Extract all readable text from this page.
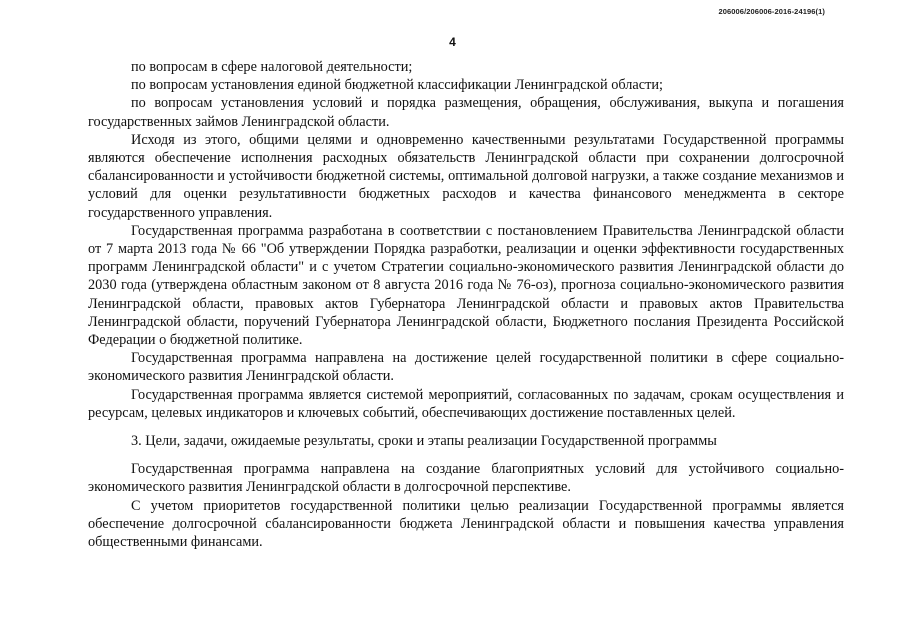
206006/206006-2016-24196(1)
4

по вопросам в сфере налоговой деятельности;

по вопросам установления единой бюджетной классификации Ленинградской области;

по вопросам установления условий и порядка размещения, обращения, обслуживания, выкупа и погашения государственных займов Ленинградской области.

Исходя из этого, общими целями и одновременно качественными результатами Государственной программы являются обеспечение исполнения расходных обязательств Ленинградской области при сохранении долгосрочной сбалансированности и устойчивости бюджетной системы, оптимальной долговой нагрузки, а также создание механизмов и условий для оценки результативности бюджетных расходов и качества финансового менеджмента в секторе государственного управления.

Государственная программа разработана в соответствии с постановлением Правительства Ленинградской области от 7 марта 2013 года № 66 "Об утверждении Порядка разработки, реализации и оценки эффективности государственных программ Ленинградской области" и с учетом Стратегии социально-экономического развития Ленинградской области до 2030 года (утверждена областным законом от 8 августа 2016 года № 76-оз), прогноза социально-экономического развития Ленинградской области, правовых актов Губернатора Ленинградской области и правовых актов Правительства Ленинградской области, поручений Губернатора Ленинградской области, Бюджетного послания Президента Российской Федерации о бюджетной политике.

Государственная программа направлена на достижение целей государственной политики в сфере социально-экономического развития Ленинградской области.

Государственная программа является системой мероприятий, согласованных по задачам, срокам осуществления и ресурсам, целевых индикаторов и ключевых событий, обеспечивающих достижение поставленных целей.

3. Цели, задачи, ожидаемые результаты, сроки и этапы реализации Государственной программы

Государственная программа направлена на создание благоприятных условий для устойчивого социально-экономического развития Ленинградской области в долгосрочной перспективе.

С учетом приоритетов государственной политики целью реализации Государственной программы является обеспечение долгосрочной сбалансированности бюджета Ленинградской области и повышения качества управления общественными финансами.
